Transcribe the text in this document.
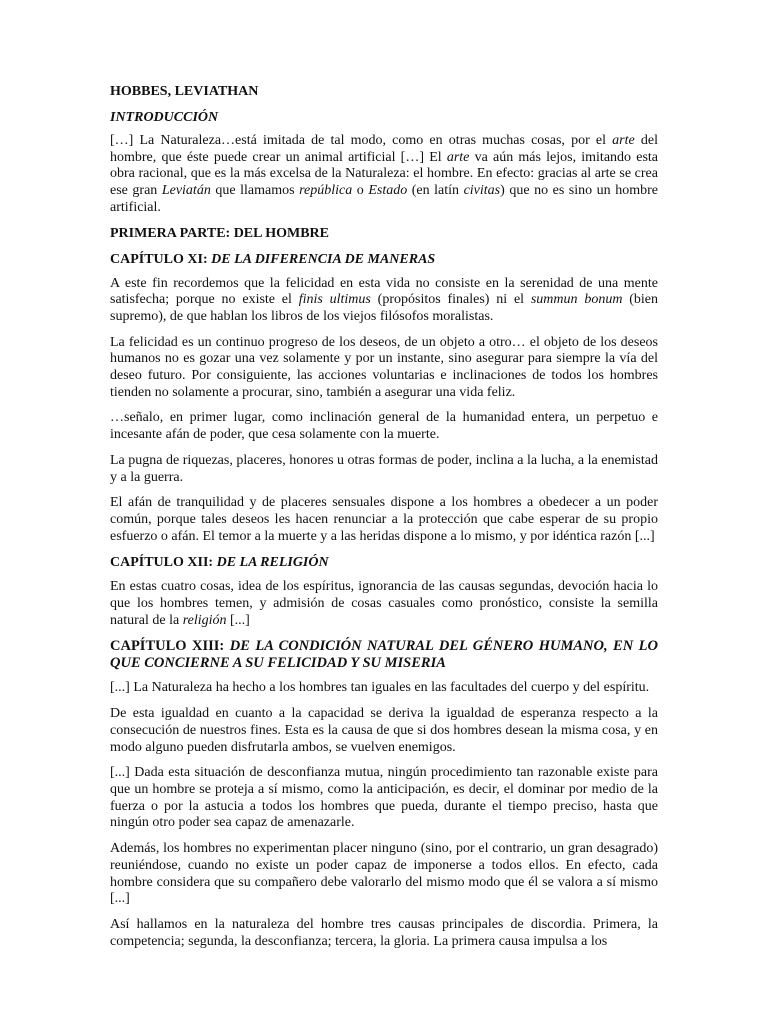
HOBBES, LEVIATHAN
INTRODUCCIÓN

[…] La Naturaleza…está imitada de tal modo, como en otras muchas cosas, por el arte del hombre, que éste puede crear un animal artificial […] El arte va aún más lejos, imitando esta obra racional, que es la más excelsa de la Naturaleza: el hombre. En efecto: gracias al arte se crea ese gran Leviatán que llamamos república o Estado (en latín civitas) que no es sino un hombre artificial.

PRIMERA PARTE: DEL HOMBRE
CAPÍTULO XI: DE LA DIFERENCIA DE MANERAS

A este fin recordemos que la felicidad en esta vida no consiste en la serenidad de una mente satisfecha; porque no existe el finis ultimus (propósitos finales) ni el summun bonum (bien supremo), de que hablan los libros de los viejos filósofos moralistas.

La felicidad es un continuo progreso de los deseos, de un objeto a otro… el objeto de los deseos humanos no es gozar una vez solamente y por un instante, sino asegurar para siempre la vía del deseo futuro. Por consiguiente, las acciones voluntarias e inclinaciones de todos los hombres tienden no solamente a procurar, sino, también a asegurar una vida feliz.

…señalo, en primer lugar, como inclinación general de la humanidad entera, un perpetuo e incesante afán de poder, que cesa solamente con la muerte.

La pugna de riquezas, placeres, honores u otras formas de poder, inclina a la lucha, a la enemistad y a la guerra.

El afán de tranquilidad y de placeres sensuales dispone a los hombres a obedecer a un poder común, porque tales deseos les hacen renunciar a la protección que cabe esperar de su propio esfuerzo o afán. El temor a la muerte y a las heridas dispone a lo mismo, y por idéntica razón [...]

CAPÍTULO XII: DE LA RELIGIÓN

En estas cuatro cosas, idea de los espíritus, ignorancia de las causas segundas, devoción hacia lo que los hombres temen, y admisión de cosas casuales como pronóstico, consiste la semilla natural de la religión [...]

CAPÍTULO XIII: DE LA CONDICIÓN NATURAL DEL GÉNERO HUMANO, EN LO QUE CONCIERNE A SU FELICIDAD Y SU MISERIA

[...] La Naturaleza ha hecho a los hombres tan iguales en las facultades del cuerpo y del espíritu.

De esta igualdad en cuanto a la capacidad se deriva la igualdad de esperanza respecto a la consecución de nuestros fines. Esta es la causa de que si dos hombres desean la misma cosa, y en modo alguno pueden disfrutarla ambos, se vuelven enemigos.

[...] Dada esta situación de desconfianza mutua, ningún procedimiento tan razonable existe para que un hombre se proteja a sí mismo, como la anticipación, es decir, el dominar por medio de la fuerza o por la astucia a todos los hombres que pueda, durante el tiempo preciso, hasta que ningún otro poder sea capaz de amenazarle.

Además, los hombres no experimentan placer ninguno (sino, por el contrario, un gran desagrado) reuniéndose, cuando no existe un poder capaz de imponerse a todos ellos. En efecto, cada hombre considera que su compañero debe valorarlo del mismo modo que él se valora a sí mismo [...]

Así hallamos en la naturaleza del hombre tres causas principales de discordia. Primera, la competencia; segunda, la desconfianza; tercera, la gloria. La primera causa impulsa a los
